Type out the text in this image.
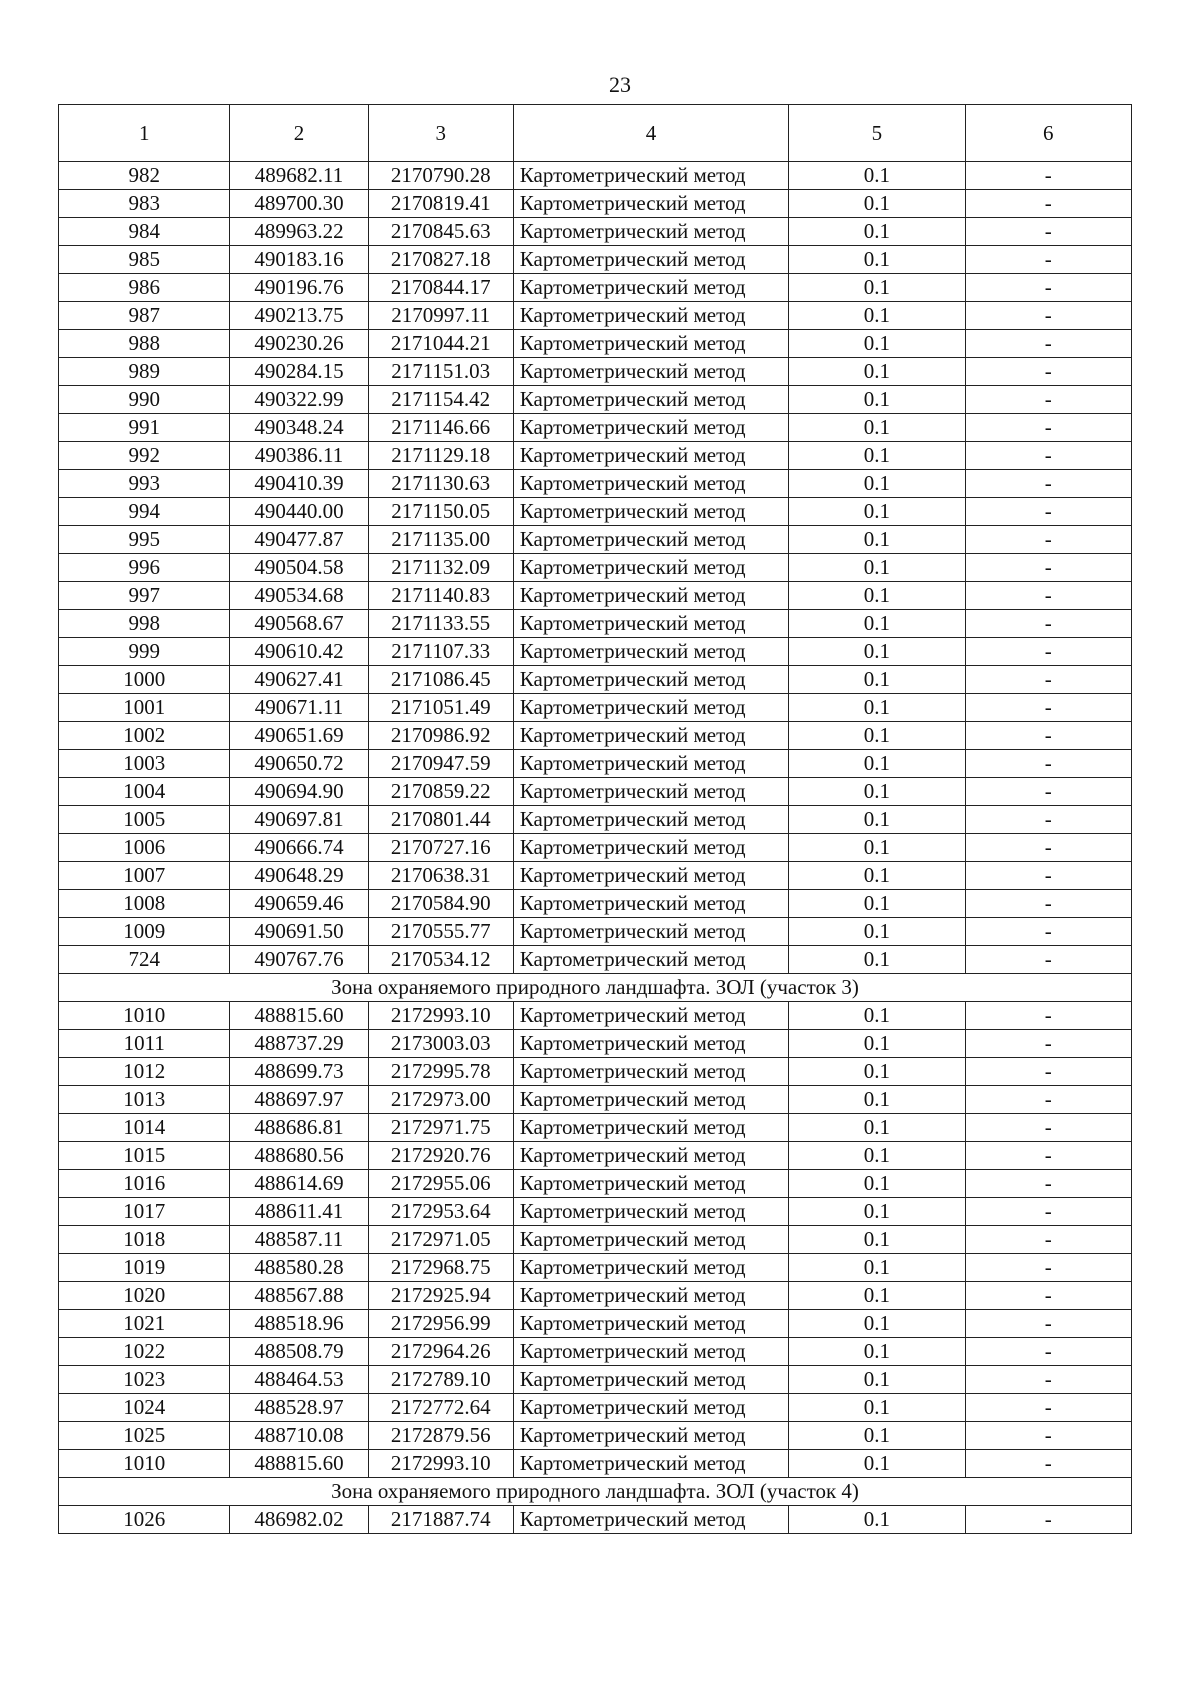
23
1	2	3	4	5	6
982	489682.11	2170790.28	Картометрический метод	0.1	-
983	489700.30	2170819.41	Картометрический метод	0.1	-
984	489963.22	2170845.63	Картометрический метод	0.1	-
985	490183.16	2170827.18	Картометрический метод	0.1	-
986	490196.76	2170844.17	Картометрический метод	0.1	-
987	490213.75	2170997.11	Картометрический метод	0.1	-
988	490230.26	2171044.21	Картометрический метод	0.1	-
989	490284.15	2171151.03	Картометрический метод	0.1	-
990	490322.99	2171154.42	Картометрический метод	0.1	-
991	490348.24	2171146.66	Картометрический метод	0.1	-
992	490386.11	2171129.18	Картометрический метод	0.1	-
993	490410.39	2171130.63	Картометрический метод	0.1	-
994	490440.00	2171150.05	Картометрический метод	0.1	-
995	490477.87	2171135.00	Картометрический метод	0.1	-
996	490504.58	2171132.09	Картометрический метод	0.1	-
997	490534.68	2171140.83	Картометрический метод	0.1	-
998	490568.67	2171133.55	Картометрический метод	0.1	-
999	490610.42	2171107.33	Картометрический метод	0.1	-
1000	490627.41	2171086.45	Картометрический метод	0.1	-
1001	490671.11	2171051.49	Картометрический метод	0.1	-
1002	490651.69	2170986.92	Картометрический метод	0.1	-
1003	490650.72	2170947.59	Картометрический метод	0.1	-
1004	490694.90	2170859.22	Картометрический метод	0.1	-
1005	490697.81	2170801.44	Картометрический метод	0.1	-
1006	490666.74	2170727.16	Картометрический метод	0.1	-
1007	490648.29	2170638.31	Картометрический метод	0.1	-
1008	490659.46	2170584.90	Картометрический метод	0.1	-
1009	490691.50	2170555.77	Картометрический метод	0.1	-
724	490767.76	2170534.12	Картометрический метод	0.1	-
Зона охраняемого природного ландшафта. ЗОЛ (участок 3)					
1010	488815.60	2172993.10	Картометрический метод	0.1	-
1011	488737.29	2173003.03	Картометрический метод	0.1	-
1012	488699.73	2172995.78	Картометрический метод	0.1	-
1013	488697.97	2172973.00	Картометрический метод	0.1	-
1014	488686.81	2172971.75	Картометрический метод	0.1	-
1015	488680.56	2172920.76	Картометрический метод	0.1	-
1016	488614.69	2172955.06	Картометрический метод	0.1	-
1017	488611.41	2172953.64	Картометрический метод	0.1	-
1018	488587.11	2172971.05	Картометрический метод	0.1	-
1019	488580.28	2172968.75	Картометрический метод	0.1	-
1020	488567.88	2172925.94	Картометрический метод	0.1	-
1021	488518.96	2172956.99	Картометрический метод	0.1	-
1022	488508.79	2172964.26	Картометрический метод	0.1	-
1023	488464.53	2172789.10	Картометрический метод	0.1	-
1024	488528.97	2172772.64	Картометрический метод	0.1	-
1025	488710.08	2172879.56	Картометрический метод	0.1	-
1010	488815.60	2172993.10	Картометрический метод	0.1	-
Зона охраняемого природного ландшафта. ЗОЛ (участок 4)					
1026	486982.02	2171887.74	Картометрический метод	0.1	-
